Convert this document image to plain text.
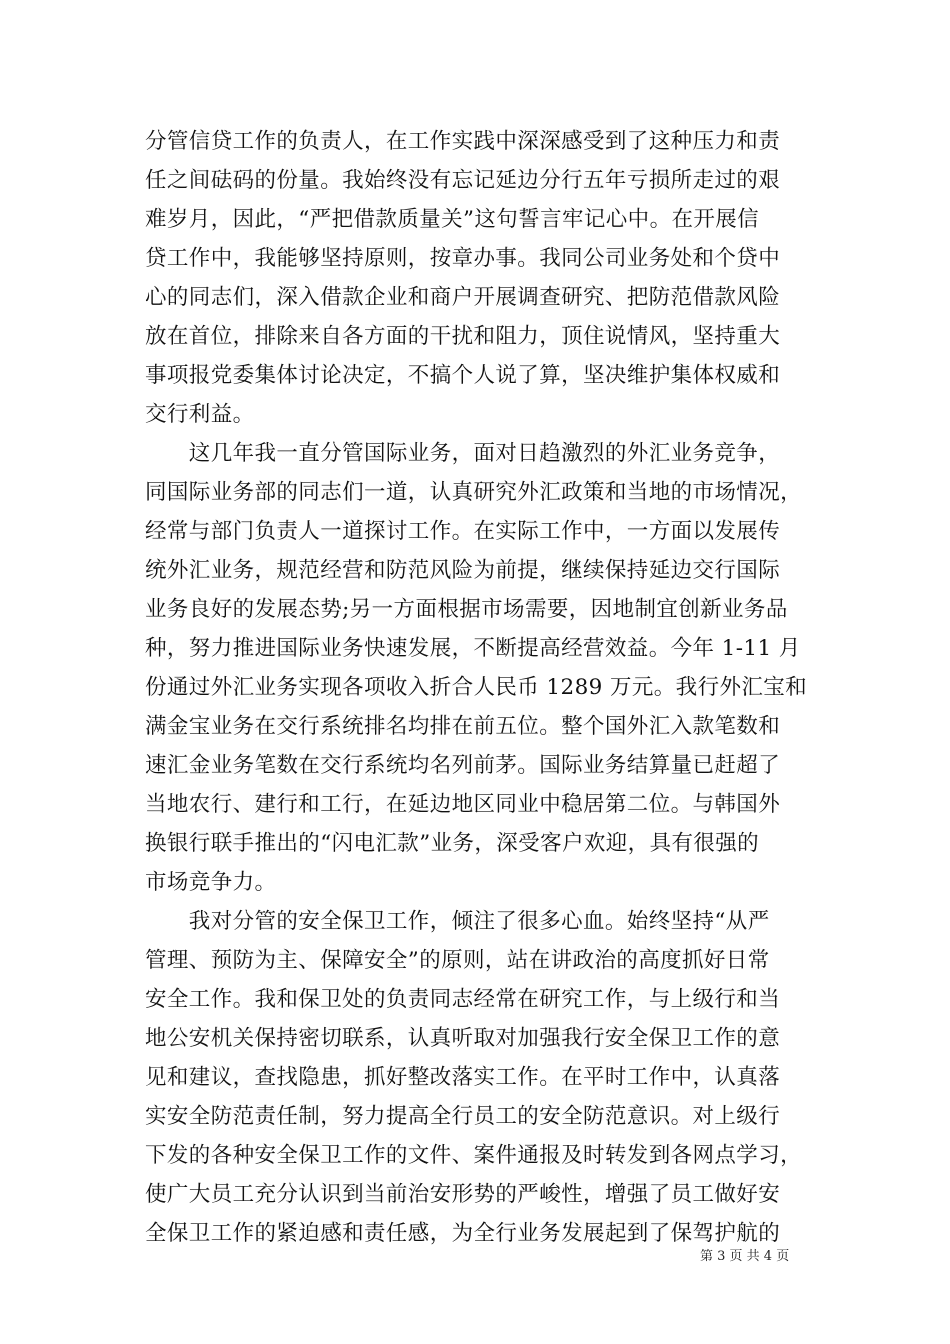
分管信贷工作的负责人，在工作实践中深深感受到了这种压力和责
任之间砝码的份量。我始终没有忘记延边分行五年亏损所走过的艰
难岁月，因此，“严把借款质量关”这句誓言牢记心中。在开展信
贷工作中，我能够坚持原则，按章办事。我同公司业务处和个贷中
心的同志们，深入借款企业和商户开展调查研究、把防范借款风险
放在首位，排除来自各方面的干扰和阻力，顶住说情风，坚持重大
事项报党委集体讨论决定，不搞个人说了算，坚决维护集体权威和
交行利益。
　　这几年我一直分管国际业务，面对日趋激烈的外汇业务竞争，
同国际业务部的同志们一道，认真研究外汇政策和当地的市场情况，
经常与部门负责人一道探讨工作。在实际工作中，一方面以发展传
统外汇业务，规范经营和防范风险为前提，继续保持延边交行国际
业务良好的发展态势;另一方面根据市场需要，因地制宜创新业务品
种，努力推进国际业务快速发展，不断提高经营效益。今年 1-11 月
份通过外汇业务实现各项收入折合人民币 1289 万元。我行外汇宝和
满金宝业务在交行系统排名均排在前五位。整个国外汇入款笔数和
速汇金业务笔数在交行系统均名列前茅。国际业务结算量已赶超了
当地农行、建行和工行，在延边地区同业中稳居第二位。与韩国外
换银行联手推出的“闪电汇款”业务，深受客户欢迎，具有很强的
市场竞争力。
　　我对分管的安全保卫工作，倾注了很多心血。始终坚持“从严
管理、预防为主、保障安全”的原则，站在讲政治的高度抓好日常
安全工作。我和保卫处的负责同志经常在研究工作，与上级行和当
地公安机关保持密切联系，认真听取对加强我行安全保卫工作的意
见和建议，查找隐患，抓好整改落实工作。在平时工作中，认真落
实安全防范责任制，努力提高全行员工的安全防范意识。对上级行
下发的各种安全保卫工作的文件、案件通报及时转发到各网点学习，
使广大员工充分认识到当前治安形势的严峻性，增强了员工做好安
全保卫工作的紧迫感和责任感，为全行业务发展起到了保驾护航的
第 3 页 共 4 页
